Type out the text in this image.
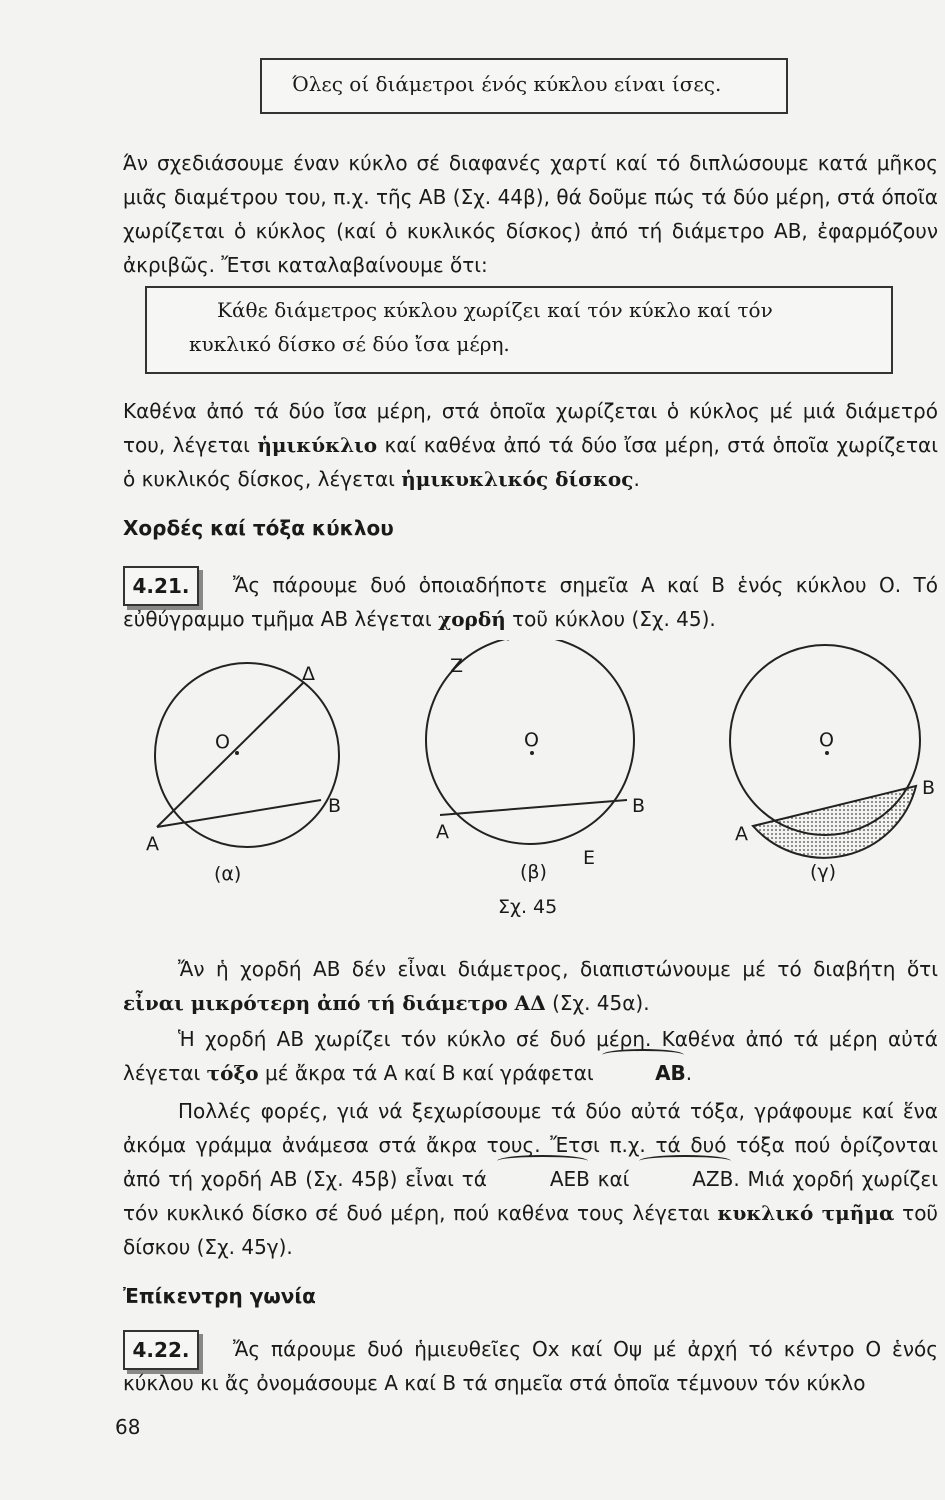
Όλες οί διάμετροι ένός κύκλου είναι ίσες.
Άν σχεδιάσουμε έναν κύκλο σέ διαφανές χαρτί καί τό διπλώσουμε κατά μῆκος μιᾶς διαμέτρου του, π.χ. τῆς ΑΒ (Σχ. 44β), θά δοῦμε πώς τά δύο μέρη, στά όποῖα χωρίζεται ὁ κύκλος (καί ὁ κυκλικός δίσκος) ἀπό τή διάμετρο ΑΒ, ἐφαρμόζουν ἀκριβῶς. Ἔτσι καταλαβαίνουμε ὅτι:
Κάθε διάμετρος κύκλου χωρίζει καί τόν κύκλο καί τόν
κυκλικό δίσκο σέ δύο ἴσα μέρη.
Καθένα ἀπό τά δύο ἴσα μέρη, στά ὁποῖα χωρίζεται ὁ κύκλος μέ μιά διάμετρό του, λέγεται ἡμικύκλιο καί καθένα ἀπό τά δύο ἴσα μέρη, στά ὁποῖα χωρίζεται ὁ κυκλικός δίσκος, λέγεται ἡμικυκλικός δίσκος.
Χορδές καί τόξα κύκλου
4.21.	Ἄς πάρουμε δυό ὁποιαδήποτε σημεῖα Α καί Β ἑνός κύκλου Ο. Τό εὐθύγραμμο τμῆμα ΑΒ λέγεται χορδή τοῦ κύκλου (Σχ. 45).
Ο
Δ
Β
Α
(α)
Ο
Ζ
Α
Β
Ε
(β)
Ο
Α
Β
(γ)
Σχ. 45
Ἄν ἡ χορδή ΑΒ δέν εἶναι διάμετρος, διαπιστώνουμε μέ τό διαβήτη ὅτι εἶναι μικρότερη ἀπό τή διάμετρο ΑΔ (Σχ. 45α).
Ἡ χορδή ΑΒ χωρίζει τόν κύκλο σέ δυό μέρη. Καθένα ἀπό τά μέρη αὐτά λέγεται τόξο μέ ἄκρα τά Α καί Β καί γράφεται	ΑΒ.
Πολλές φορές, γιά νά ξεχωρίσουμε τά δύο αὐτά τόξα, γράφουμε καί ἕνα ἀκόμα γράμμα ἀνάμεσα στά ἄκρα τους. Ἔτσι π.χ. τά δυό τόξα πού ὁρίζονται ἀπό τή χορδή ΑΒ (Σχ. 45β) εἶναι τά	ΑΕΒ καί	ΑΖΒ. Μιά χορδή χωρίζει τόν κυκλικό δίσκο σέ δυό μέρη, πού καθένα τους λέγεται κυκλικό τμῆμα τοῦ δίσκου (Σχ. 45γ).
Ἐπίκεντρη γωνία
4.22.	Ἄς πάρουμε δυό ἡμιευθεῖες Οx καί Οψ μέ ἀρχή τό κέντρο Ο ἑνός κύκλου κι ἄς ὀνομάσουμε Α καί Β τά σημεῖα στά ὁποῖα τέμνουν τόν κύκλο
68
